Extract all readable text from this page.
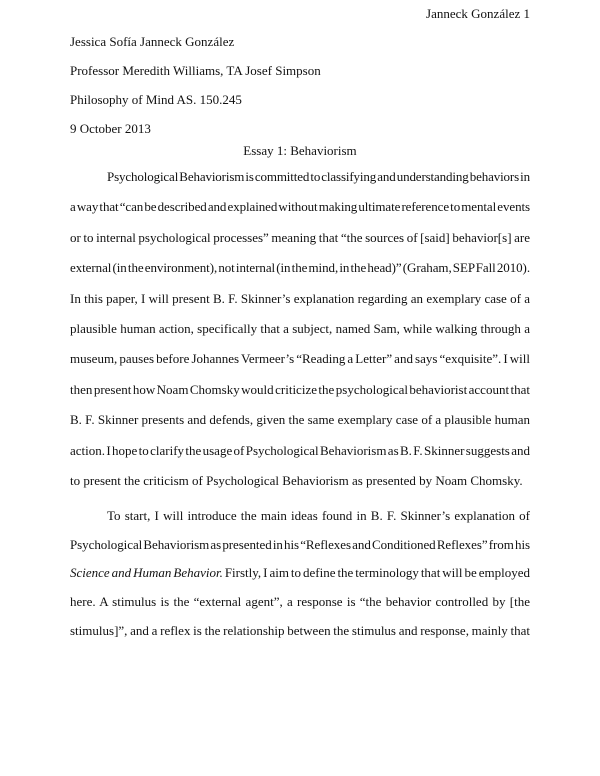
Janneck González 1
Jessica Sofía Janneck González
Professor Meredith Williams, TA Josef Simpson
Philosophy of Mind AS. 150.245
9 October 2013
Essay 1: Behaviorism
Psychological Behaviorism is committed to classifying and understanding behaviors in
a way that “can be described and explained without making ultimate reference to mental events
or to internal psychological processes” meaning that “the sources of [said] behavior[s] are
external (in the environment), not internal (in the mind, in the head)” (Graham, SEP Fall 2010).
In this paper, I will present B. F. Skinner’s explanation regarding an exemplary case of a
plausible human action, specifically that a subject, named Sam, while walking through a
museum, pauses before Johannes Vermeer’s “Reading a Letter” and says “exquisite”. I will
then present how Noam Chomsky would criticize the psychological behaviorist account that
B. F. Skinner presents and defends, given the same exemplary case of a plausible human
action. I hope to clarify the usage of Psychological Behaviorism as B. F. Skinner suggests and
to present the criticism of Psychological Behaviorism as presented by Noam Chomsky.
To start, I will introduce the main ideas found in B. F. Skinner’s explanation of
Psychological Behaviorism as presented in his “Reflexes and Conditioned Reflexes” from his
Science and Human Behavior. Firstly, I aim to define the terminology that will be employed
here. A stimulus is the “external agent”, a response is “the behavior controlled by [the
stimulus]”, and a reflex is the relationship between the stimulus and response, mainly that
